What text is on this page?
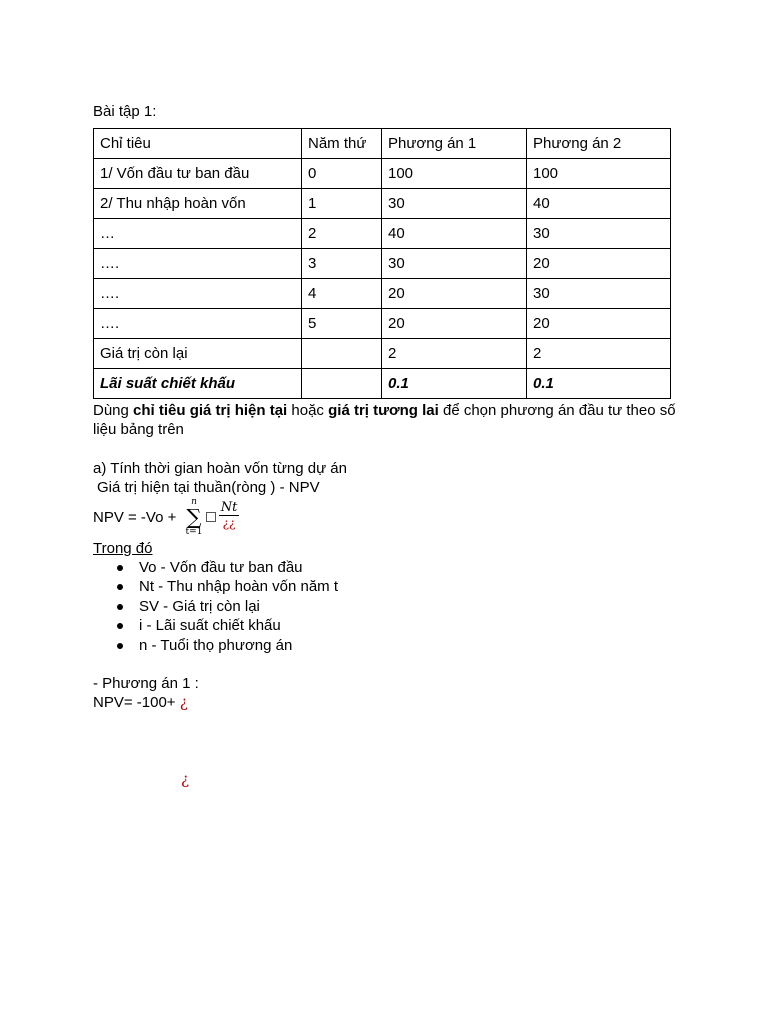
Bài tập 1:
Chỉ tiêu	Năm thứ	Phương án 1	Phương án 2
1/ Vốn đầu tư ban đầu	0	100	100
2/ Thu nhập hoàn vốn	1	30	40
…	2	40	30
….	3	30	20
….	4	20	30
….	5	20	20
Giá trị còn lại		2	2
Lãi suất chiết khấu		0.1	0.1
Dùng chỉ tiêu giá trị hiện tại hoặc giá trị tương lai để chọn phương án đầu tư theo số liệu bảng trên
a) Tính thời gian hoàn vốn từng dự án
Giá trị hiện tại thuần(ròng ) - NPV
NPV = -Vo +
n
∑
t=1
Nt
¿¿
Trong đó
Vo - Vốn đầu tư ban đầu
Nt - Thu nhập hoàn vốn năm t
SV - Giá trị còn lại
i - Lãi suất chiết khấu
n - Tuổi thọ phương án
- Phương án 1 :
NPV= -100+ ¿
¿
